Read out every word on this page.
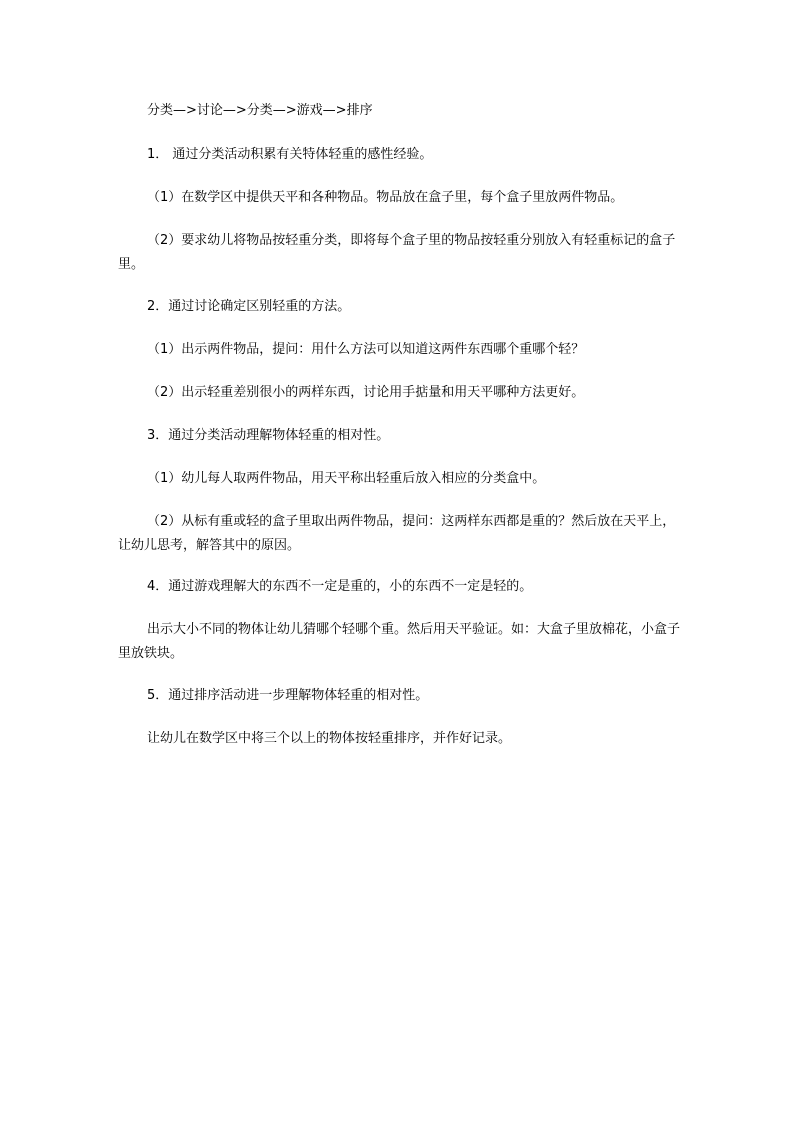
分类—>讨论—>分类—>游戏—>排序

1． 通过分类活动积累有关特体轻重的感性经验。

（1）在数学区中提供天平和各种物品。物品放在盒子里，每个盒子里放两件物品。

（2）要求幼儿将物品按轻重分类，即将每个盒子里的物品按轻重分别放入有轻重标记的盒子里。

2．通过讨论确定区别轻重的方法。

（1）出示两件物品，提问：用什么方法可以知道这两件东西哪个重哪个轻？

（2）出示轻重差别很小的两样东西，讨论用手掂量和用天平哪种方法更好。

3．通过分类活动理解物体轻重的相对性。

（1）幼儿每人取两件物品，用天平称出轻重后放入相应的分类盒中。

（2）从标有重或轻的盒子里取出两件物品，提问：这两样东西都是重的？然后放在天平上，让幼儿思考，解答其中的原因。

4．通过游戏理解大的东西不一定是重的，小的东西不一定是轻的。

出示大小不同的物体让幼儿猜哪个轻哪个重。然后用天平验证。如：大盒子里放棉花，小盒子里放铁块。

5．通过排序活动进一步理解物体轻重的相对性。

让幼儿在数学区中将三个以上的物体按轻重排序，并作好记录。
